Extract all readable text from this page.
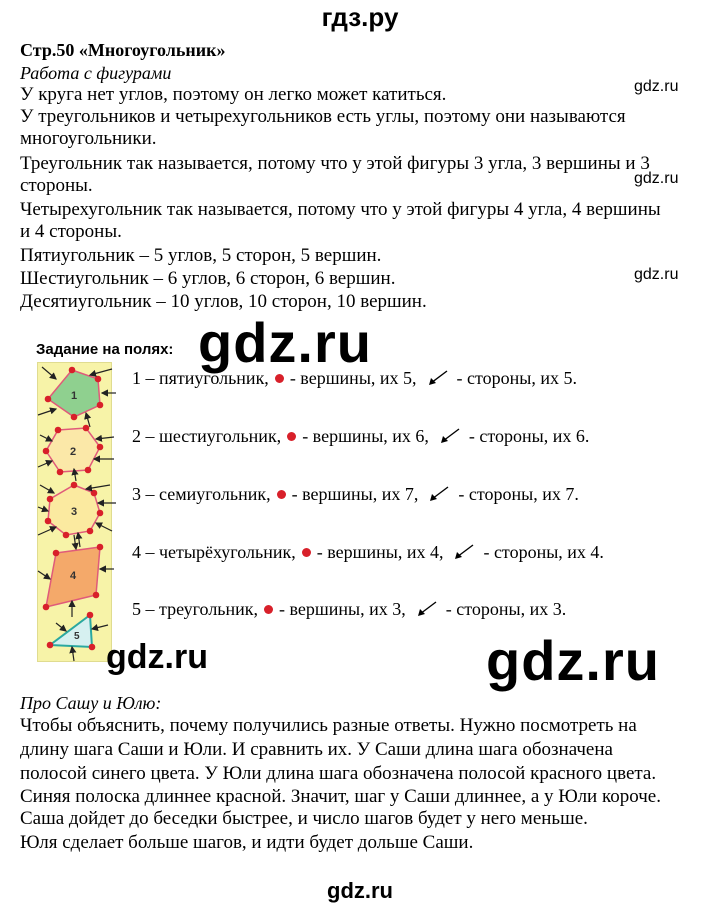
гдз.ру
gdz.ru
gdz.ru
gdz.ru
Стр.50 «Многоугольник»
Работа с фигурами
У круга нет углов, поэтому он легко может катиться.
У треугольников и четырехугольников есть углы, поэтому они называются
многоугольники.
Треугольник так называется, потому что у этой фигуры 3 угла, 3 вершины и 3
стороны.
Четырехугольник так называется, потому что у этой фигуры 4 угла, 4 вершины
и 4 стороны.
Пятиугольник – 5 углов, 5 сторон, 5 вершин.
Шестиугольник – 6 углов, 6 сторон, 6 вершин.
Десятиугольник – 10 углов, 10 сторон, 10 вершин.
Задание на полях: gdz.ru
1
2
3
4
5
1 – пятиугольник, - вершины, их 5, - стороны, их 5.
2 – шестиугольник, - вершины, их 6, - стороны, их 6.
3 – семиугольник, - вершины, их 7, - стороны, их 7.
4 – четырёхугольник, - вершины, их 4, - стороны, их 4.
5 – треугольник, - вершины, их 3, - стороны, их 3.
gdz.ru	gdz.ru
Про Сашу и Юлю:
Чтобы объяснить, почему получились разные ответы. Нужно посмотреть на
длину шага Саши и Юли. И сравнить их. У Саши длина шага обозначена
полосой синего цвета. У Юли длина шага обозначена полосой красного цвета.
Синяя полоска длиннее красной. Значит, шаг у Саши длиннее, а у Юли короче.
Саша дойдет до беседки быстрее, и число шагов будет у него меньше.
Юля сделает больше шагов, и идти будет дольше Саши.
gdz.ru
